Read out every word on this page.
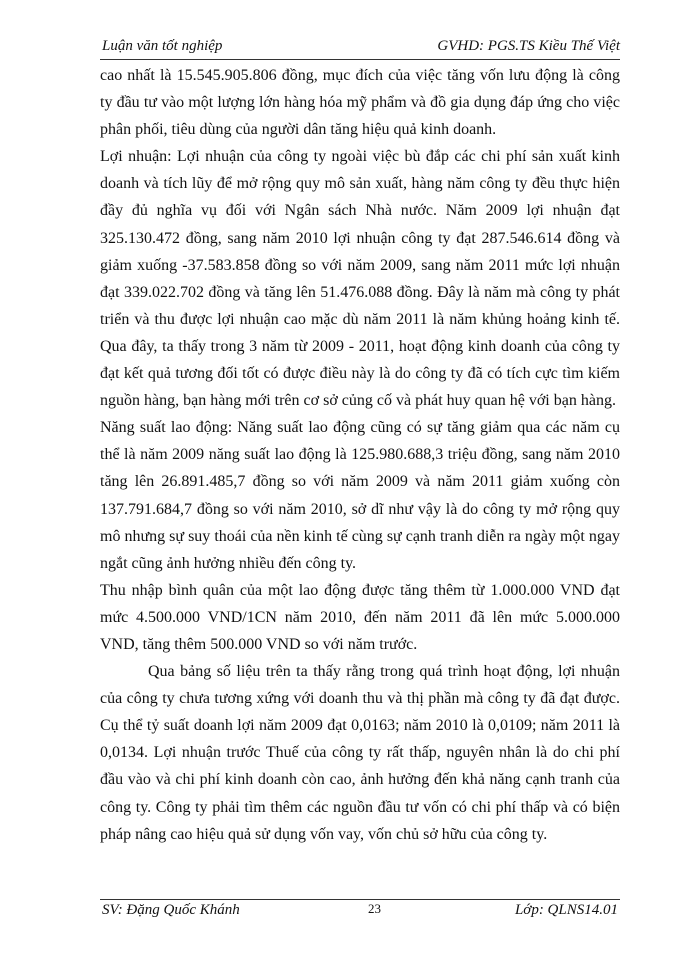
Luận văn tốt nghiệp	GVHD: PGS.TS Kiều Thế Việt

cao nhất là 15.545.905.806 đồng, mục đích của việc tăng vốn lưu động là công ty đầu tư vào một lượng lớn hàng hóa mỹ phẩm và đồ gia dụng đáp ứng cho việc phân phối, tiêu dùng của người dân tăng hiệu quả kinh doanh.

Lợi nhuận: Lợi nhuận của công ty ngoài việc bù đắp các chi phí sản xuất kinh doanh và tích lũy để mở rộng quy mô sản xuất, hàng năm công ty đều thực hiện đầy đủ nghĩa vụ đối với Ngân sách Nhà nước. Năm 2009 lợi nhuận đạt 325.130.472 đồng, sang năm 2010 lợi nhuận công ty đạt 287.546.614 đồng và giảm xuống -37.583.858 đồng so với năm 2009, sang năm 2011 mức lợi nhuận đạt 339.022.702 đồng và tăng lên 51.476.088 đồng. Đây là năm mà công ty phát triển và thu được lợi nhuận cao mặc dù năm 2011 là năm khủng hoảng kinh tế. Qua đây, ta thấy trong 3 năm từ 2009 - 2011, hoạt động kinh doanh của công ty đạt kết quả tương đối tốt có được điều này là do công ty đã có tích cực tìm kiếm nguồn hàng, bạn hàng mới trên cơ sở củng cố và phát huy quan hệ với bạn hàng.

Năng suất lao động: Năng suất lao động cũng có sự tăng giảm qua các năm cụ thể là năm 2009 năng suất lao động là 125.980.688,3 triệu đồng, sang năm 2010 tăng lên 26.891.485,7 đồng so với năm 2009 và năm 2011 giảm xuống còn 137.791.684,7 đồng so với năm 2010, sở dĩ như vậy là do công ty mở rộng quy mô nhưng sự suy thoái của nền kinh tế cùng sự cạnh tranh diễn ra ngày một ngay ngắt cũng ảnh hưởng nhiều đến công ty.

Thu nhập bình quân của một lao động được tăng thêm từ 1.000.000 VND đạt mức 4.500.000 VND/1CN năm 2010, đến năm 2011 đã lên mức 5.000.000 VND, tăng thêm 500.000 VND so với năm trước.

Qua bảng số liệu trên ta thấy rằng trong quá trình hoạt động, lợi nhuận của công ty chưa tương xứng với doanh thu và thị phần mà công ty đã đạt được. Cụ thể tỷ suất doanh lợi năm 2009 đạt 0,0163; năm 2010 là 0,0109; năm 2011 là 0,0134. Lợi nhuận trước Thuế của công ty rất thấp, nguyên nhân là do chi phí đầu vào và chi phí kinh doanh còn cao, ảnh hưởng đến khả năng cạnh tranh của công ty. Công ty phải tìm thêm các nguồn đầu tư vốn có chi phí thấp và có biện pháp nâng cao hiệu quả sử dụng vốn vay, vốn chủ sở hữu của công ty.

SV: Đặng Quốc Khánh	23	Lớp: QLNS14.01
